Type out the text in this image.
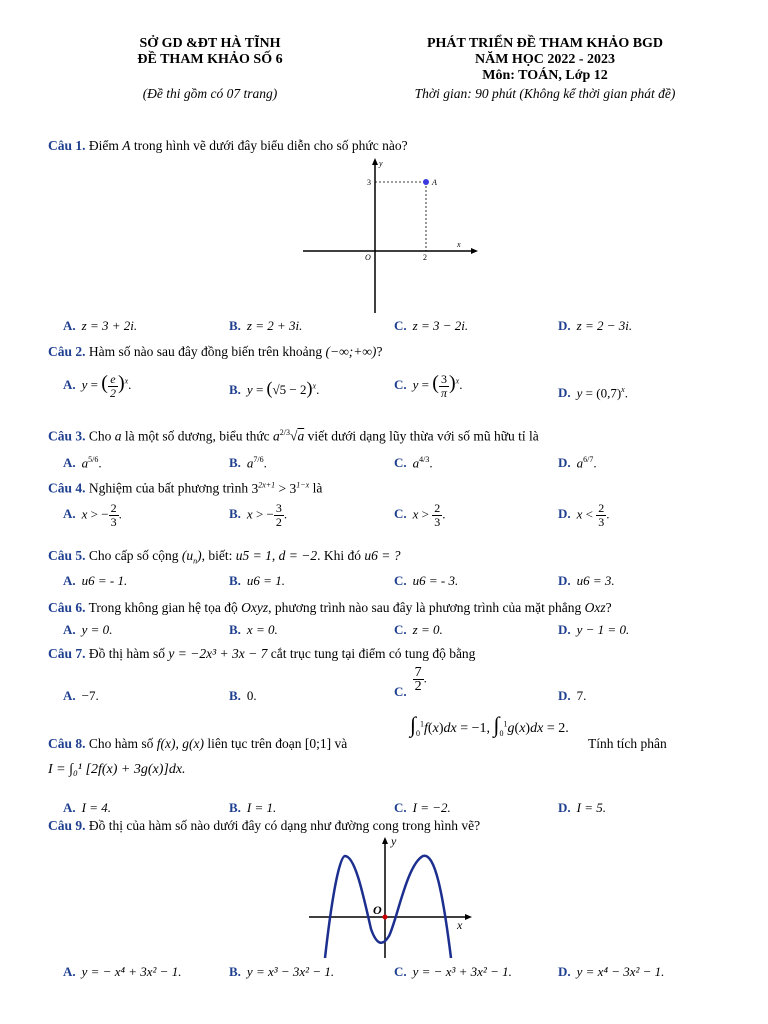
SỞ GD &ĐT HÀ TĨNH
ĐỀ THAM KHẢO SỐ 6
(Đề thi gồm có 07 trang)
PHÁT TRIỂN ĐỀ THAM KHẢO BGD
NĂM HỌC 2022 - 2023
Môn: TOÁN, Lớp 12
Thời gian: 90 phút (Không kể thời gian phát đề)
Câu 1. Điểm A trong hình vẽ dưới đây biểu diễn cho số phức nào?
y
x
O
3
2
A
A. z = 3 + 2i.	B. z = 2 + 3i.	C. z = 3 − 2i.	D. z = 2 − 3i.
Câu 2. Hàm số nào sau đây đồng biến trên khoảng (−∞;+∞)?
A. y = ( $\frac{e}{2} )^x$.	B. $y = (√5 - 2)^x$.	C. y = ( $\frac{3}{\pi} )^x$.
D. $y = (0,7)^x$.
Câu 3. Cho a là một số dương, biểu thức $a^{2/3}√a$ viết dưới dạng lũy thừa với số mũ hữu tỉ là
A. $a^{5/6}$.	B. $a^{7/6}$.	C. $a^{4/3}$.	D. $a^{6/7}$.
Câu 4. Nghiệm của bất phương trình $3^{2x+1} > 3^{1-x}$ là
A. x > − $\frac{2}{3}$ .	B. x > − $\frac{3}{2}$ .	C. $x > \frac{2}{3}$ .	D. $x < \frac{2}{3}$ .
Câu 5. Cho cấp số cộng $(u_n)$, biết: u5 = 1, d = −2. Khi đó u6 = ?
A. u6 = - 1.	B. u6 = 1.	C. u6 = - 3.	D. u6 = 3.
Câu 6. Trong không gian hệ tọa độ Oxyz, phương trình nào sau đây là phương trình của mặt phẳng Oxz?
A. y = 0.	B. x = 0.	C. z = 0.	D. y − 1 = 0.
Câu 7. Đồ thị hàm số y = −2x³ + 3x − 7 cắt trục tung tại điểm có tung độ bằng
A. −7.	B. 0.	C. $\frac{7}{2}$ .
D. 7.
Câu 8. Cho hàm số f(x), g(x) liên tục trên đoạn [0;1] và
$\int_0^1f(x)dx = -1$, $\int_0^1g(x)dx = 2$.
Tính tích phân
I = ∫₀¹ [2f(x) + 3g(x)]dx.
A. I = 4.	B. I = 1.	C. I = −2.	D. I = 5.
Câu 9. Đồ thị của hàm số nào dưới đây có dạng như đường cong trong hình vẽ?
y
x
O
A. y = − x⁴ + 3x² − 1.	B. y = x³ − 3x² − 1.	C. y = − x³ + 3x² − 1.	D. y = x⁴ − 3x² − 1.
